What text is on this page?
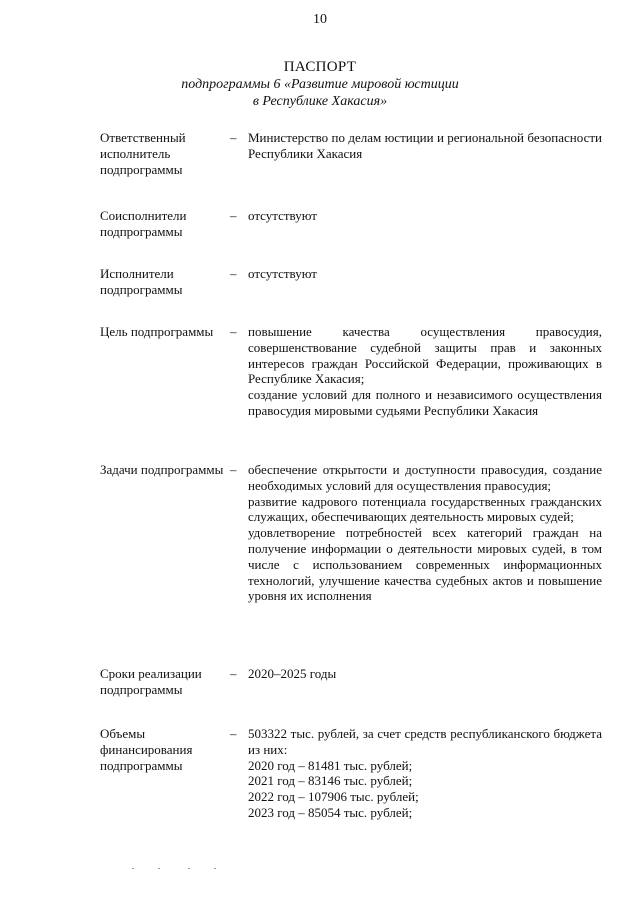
10
ПАСПОРТ
подпрограммы 6 «Развитие мировой юстиции
в Республике Хакасия»
Ответственный исполнитель подпрограммы
– Министерство по делам юстиции и региональной безопасности Республики Хакасия

Соисполнители подпрограммы
– отсутствуют

Исполнители подпрограммы
– отсутствуют

Цель подпрограммы	– повышение качества осуществления правосудия, совершенствование судебной защиты прав и законных интересов граждан Российской Федерации, проживающих в Республике Хакасия;

создание условий для полного и независимого осуществления правосудия мировыми судьями Республики Хакасия

Задачи подпрограммы – обеспечение открытости и доступности правосудия, создание необходимых условий для осуществления правосудия;

развитие кадрового потенциала государственных гражданских служащих, обеспечивающих деятельность мировых судей;

удовлетворение потребностей всех категорий граждан на получение информации о деятельности мировых судей, в том числе с использованием современных информационных технологий, улучшение качества судебных актов и повышение уровня их исполнения

Сроки реализации подпрограммы
– 2020–2025 годы

Объемы финансирования подпрограммы
– 503322 тыс. рублей, за счет средств республиканского бюджета из них:

2020 год – 81481 тыс. рублей;

2021 год – 83146 тыс. рублей;

2022 год – 107906 тыс. рублей;

2023 год – 85054 тыс. рублей;
